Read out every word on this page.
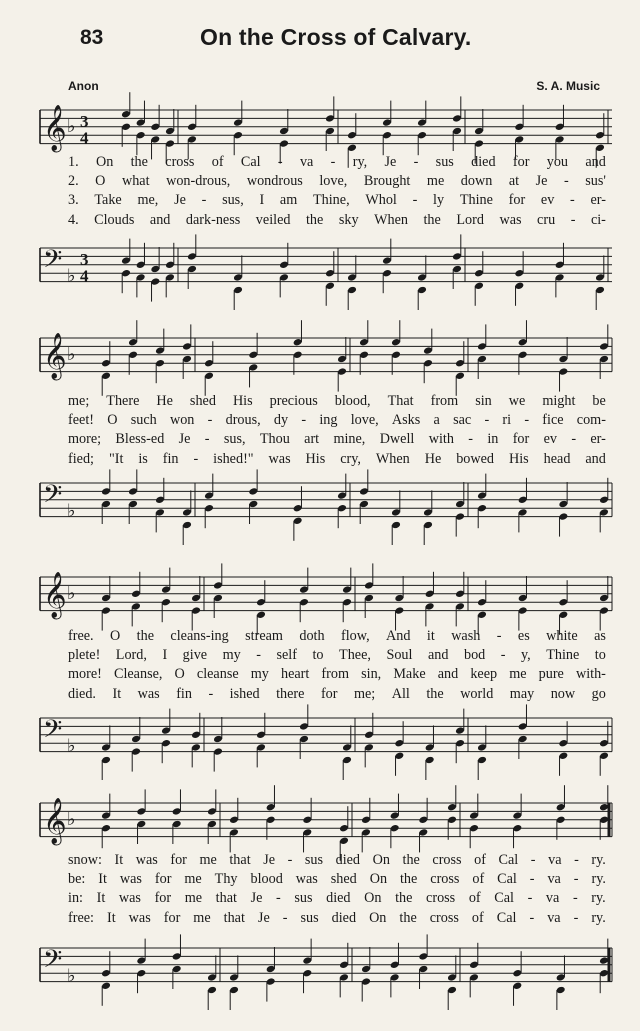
83	On the Cross of Calvary.
Anon	S. A. Music
𝄞 ♭ 3
4
1. On the cross of Cal - va - ry, Je - sus died for you and
2. O what won-drous, wondrous love, Brought me down at Je - sus'
3. Take me, Je - sus, I am Thine, Whol - ly Thine for ev - er-
4. Clouds and dark-ness veiled the sky When the Lord was cru - ci-
𝄢 ♭
3
4
𝄞 ♭
me; There He shed His precious blood, That from sin we might be
feet! O such won - drous, dy - ing love, Asks a sac - ri - fice com-
more; Bless-ed Je - sus, Thou art mine, Dwell with - in for ev - er-
fied; "It is fin - ished!" was His cry, When He bowed His head and
𝄢 ♭
𝄞 ♭
free. O the cleans-ing stream doth flow, And it wash - es white as
plete! Lord, I give my - self to Thee, Soul and bod - y, Thine to
more! Cleanse, O cleanse my heart from sin, Make and keep me pure with-
died. It was fin - ished there for me; All the world may now go
𝄢 ♭
𝄞 ♭
snow: It was for me that Je - sus died On the cross of Cal - va - ry.
be: It was for me Thy blood was shed On the cross of Cal - va - ry.
in: It was for me that Je - sus died On the cross of Cal - va - ry.
free: It was for me that Je - sus died On the cross of Cal - va - ry.
𝄢 ♭
